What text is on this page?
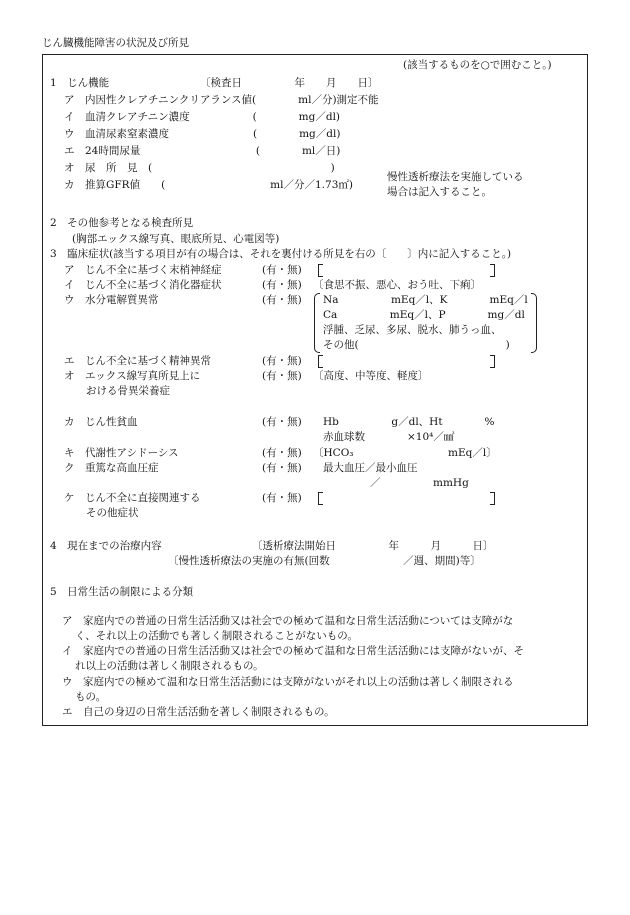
じん臓機能障害の状況及び所見
(該当するものを○で囲むこと。)
1　じん機能	〔検査日　　　　　年　　月　　日〕
ア　内因性クレアチニンクリアランス値(　　　　ml／分)測定不能
イ　血清クレアチニン濃度　　　　　　(　　　　mg／dl)
ウ　血清尿素窒素濃度　　　　　　　　(　　　　mg／dl)
エ　24時間尿量　　　　　　　　　　　(　　　　ml／日)
オ　尿　所　見　(　　　　　　　　　　　　　　　　　)
カ　推算GFR値　　(　　　　　　　　　　ml／分／1.73㎡)
慢性透析療法を実施している
場合は記入すること。
2　その他参考となる検査所見
(胸部エックス線写真、眼底所見、心電図等)
3　臨床症状(該当する項目が有の場合は、それを裏付ける所見を右の〔　　〕内に記入すること。)
ア　じん不全に基づく末梢神経症	(有・無)
イ　じん不全に基づく消化器症状	(有・無) 〔食思不振、悪心、おう吐、下痢〕
ウ　水分電解質異常	(有・無) Na　　　　　mEq／l、K　　　　mEq／l
Ca　　　　　mEq／l、P　　　　mg／dl
浮腫、乏尿、多尿、脱水、肺うっ血、
その他(　　　　　　　　　　　　　　)
エ　じん不全に基づく精神異常	(有・無)
オ　エックス線写真所見上に
おける骨異栄養症
(有・無) 〔高度、中等度、軽度〕
カ　じん性貧血	(有・無) Hb　　　　　g／dl、Ht　　　　%
赤血球数　　　　×10⁴／㎣
キ　代謝性アシドーシス	(有・無) 〔HCO₃　　　　　　　　　mEq／l〕
ク　重篤な高血圧症	(有・無) 最大血圧／最小血圧
／　　　　　mmHg
ケ　じん不全に直接関連する
その他症状
(有・無)
4　現在までの治療内容	〔透析療法開始日　　　　　年　　　月　　　日〕
〔慢性透析療法の実施の有無(回数　　　　　　　／週、期間)等〕
5　日常生活の制限による分類
ア　家庭内での普通の日常生活活動又は社会での極めて温和な日常生活活動については支障がな
く、それ以上の活動でも著しく制限されることがないもの。
イ　家庭内での普通の日常生活活動又は社会での極めて温和な日常生活活動には支障がないが、そ
れ以上の活動は著しく制限されるもの。
ウ　家庭内での極めて温和な日常生活活動には支障がないがそれ以上の活動は著しく制限される
もの。
エ　自己の身辺の日常生活活動を著しく制限されるもの。
